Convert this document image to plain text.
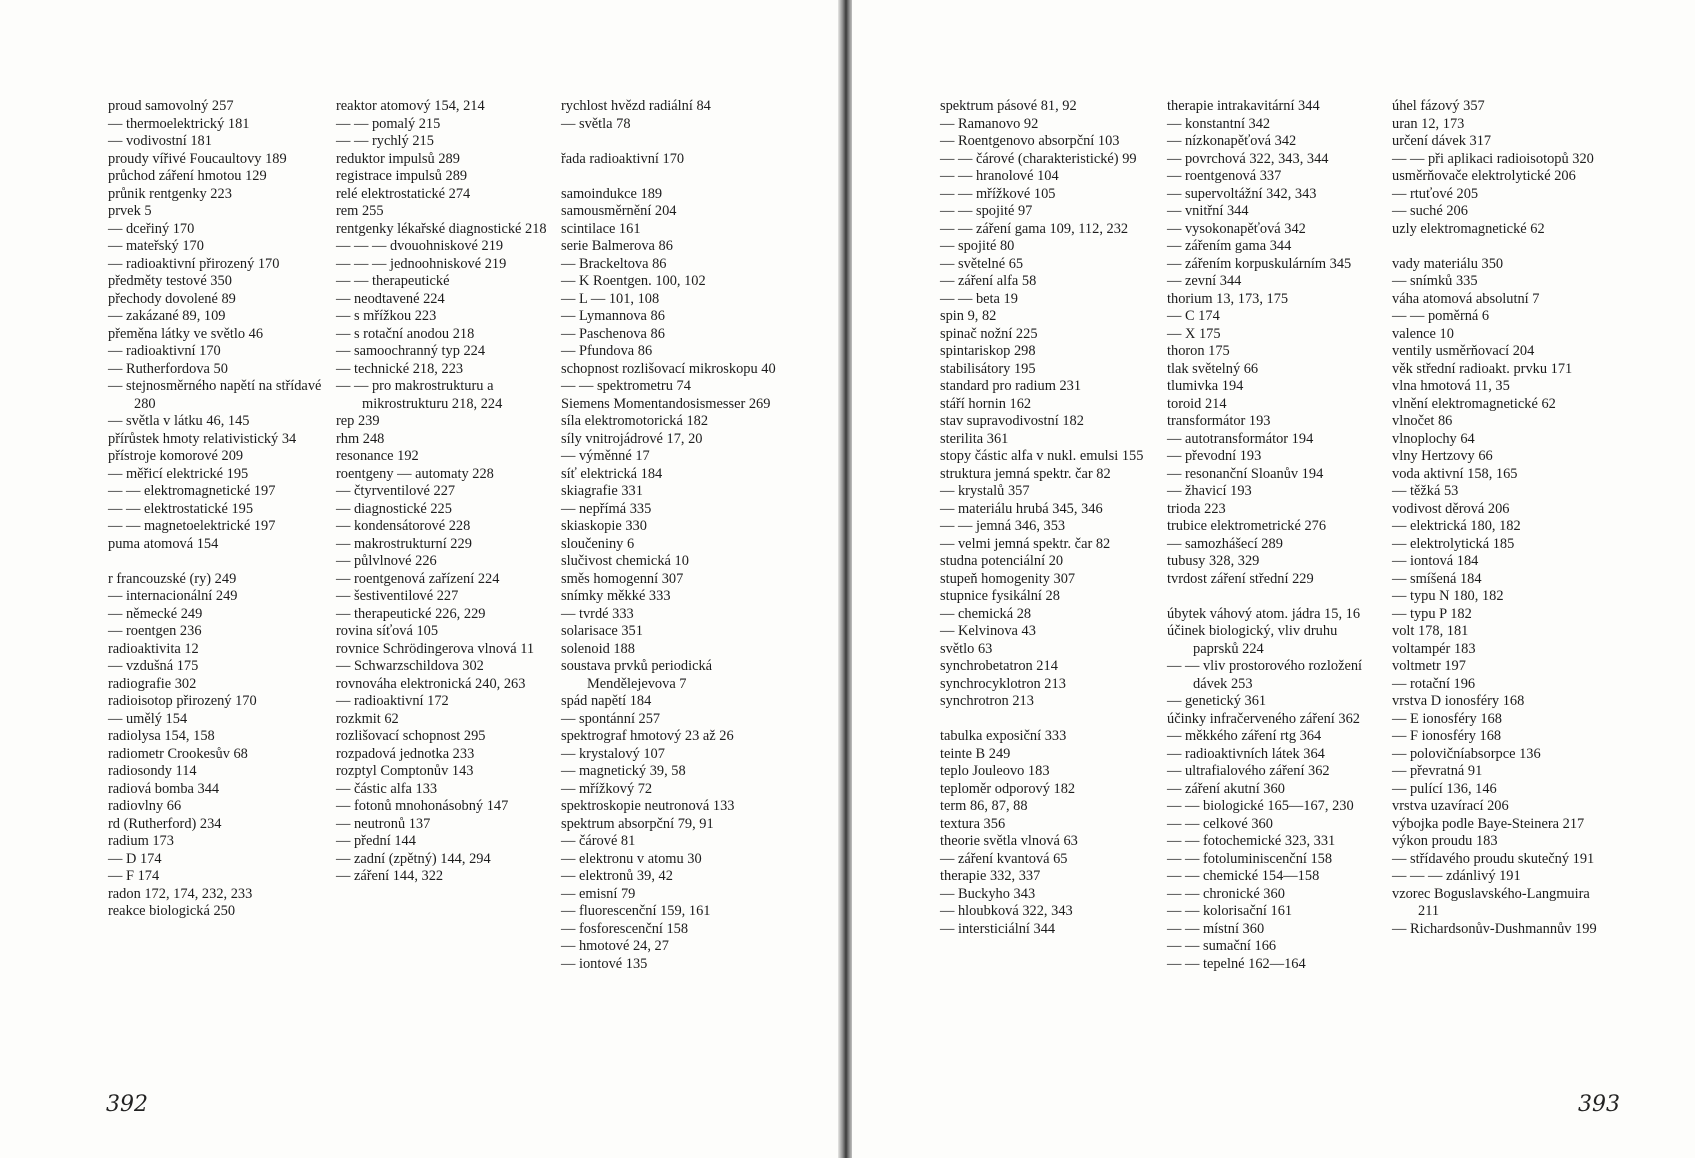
proud samovolný 257

— thermoelektrický 181

— vodivostní 181

proudy vířivé Foucaultovy 189

průchod záření hmotou 129

průnik rentgenky 223

prvek 5

— dceřiný 170

— mateřský 170

— radioaktivní přirozený 170

předměty testové 350

přechody dovolené 89

— zakázané 89, 109

přeměna látky ve světlo 46

— radioaktivní 170

— Rutherfordova 50

— stejnosměrného napětí na střídavé 280

— světla v látku 46, 145

přírůstek hmoty relativistický 34

přístroje komorové 209

— měřicí elektrické 195

— — elektromagnetické 197

— — elektrostatické 195

— — magnetoelektrické 197

puma atomová 154

r francouzské (ry) 249

— internacionální 249

— německé 249

— roentgen 236

radioaktivita 12

— vzdušná 175

radiografie 302

radioisotop přirozený 170

— umělý 154

radiolysa 154, 158

radiometr Crookesův 68

radiosondy 114

radiová bomba 344

radiovlny 66

rd (Rutherford) 234

radium 173

— D 174

— F 174

radon 172, 174, 232, 233

reakce biologická 250

reaktor atomový 154, 214

— — pomalý 215

— — rychlý 215

reduktor impulsů 289

registrace impulsů 289

relé elektrostatické 274

rem 255

rentgenky lékařské diagnostické 218

— — — dvouohniskové 219

— — — jednoohniskové 219

— — therapeutické

— neodtavené 224

— s mřížkou 223

— s rotační anodou 218

— samoochranný typ 224

— technické 218, 223

— — pro makrostrukturu a mikrostrukturu 218, 224

rep 239

rhm 248

resonance 192

roentgeny — automaty 228

— čtyrventilové 227

— diagnostické 225

— kondensátorové 228

— makrostrukturní 229

— půlvlnové 226

— roentgenová zařízení 224

— šestiventilové 227

— therapeutické 226, 229

rovina síťová 105

rovnice Schrödingerova vlnová 11

— Schwarzschildova 302

rovnováha elektronická 240, 263

— radioaktivní 172

rozkmit 62

rozlišovací schopnost 295

rozpadová jednotka 233

rozptyl Comptonův 143

— částic alfa 133

— fotonů mnohonásobný 147

— neutronů 137

— přední 144

— zadní (zpětný) 144, 294

— záření 144, 322

rychlost hvězd radiální 84

— světla 78

řada radioaktivní 170

samoindukce 189

samousměrnění 204

scintilace 161

serie Balmerova 86

— Brackeltova 86

— K Roentgen. 100, 102

— L — 101, 108

— Lymannova 86

— Paschenova 86

— Pfundova 86

schopnost rozlišovací mikroskopu 40

— — spektrometru 74

Siemens Momentandosismesser 269

síla elektromotorická 182

síly vnitrojádrové 17, 20

— výměnné 17

síť elektrická 184

skiagrafie 331

— nepřímá 335

skiaskopie 330

sloučeniny 6

slučivost chemická 10

směs homogenní 307

snímky měkké 333

— tvrdé 333

solarisace 351

solenoid 188

soustava prvků periodická Mendělejevova 7

spád napětí 184

— spontánní 257

spektrograf hmotový 23 až 26

— krystalový 107

— magnetický 39, 58

— mřížkový 72

spektroskopie neutronová 133

spektrum absorpční 79, 91

— čárové 81

— elektronu v atomu 30

— elektronů 39, 42

— emisní 79

— fluorescenční 159, 161

— fosforescenční 158

— hmotové 24, 27

— iontové 135

392

spektrum pásové 81, 92

— Ramanovo 92

— Roentgenovo absorpční 103

— — čárové (charakteristické) 99

— — hranolové 104

— — mřížkové 105

— — spojité 97

— — záření gama 109, 112, 232

— spojité 80

— světelné 65

— záření alfa 58

— — beta 19

spin 9, 82

spinač nožní 225

spintariskop 298

stabilisátory 195

standard pro radium 231

stáří hornin 162

stav supravodivostní 182

sterilita 361

stopy částic alfa v nukl. emulsi 155

struktura jemná spektr. čar 82

— krystalů 357

— materiálu hrubá 345, 346

— — jemná 346, 353

— velmi jemná spektr. čar 82

studna potenciální 20

stupeň homogenity 307

stupnice fysikální 28

— chemická 28

— Kelvinova 43

světlo 63

synchrobetatron 214

synchrocyklotron 213

synchrotron 213

tabulka exposiční 333

teinte B 249

teplo Jouleovo 183

teploměr odporový 182

term 86, 87, 88

textura 356

theorie světla vlnová 63

— záření kvantová 65

therapie 332, 337

— Buckyho 343

— hloubková 322, 343

— intersticiální 344

therapie intrakavitární 344

— konstantní 342

— nízkonapěťová 342

— povrchová 322, 343, 344

— roentgenová 337

— supervoltážní 342, 343

— vnitřní 344

— vysokonapěťová 342

— zářením gama 344

— zářením korpuskulárním 345

— zevní 344

thorium 13, 173, 175

— C 174

— X 175

thoron 175

tlak světelný 66

tlumivka 194

toroid 214

transformátor 193

— autotransformátor 194

— převodní 193

— resonanční Sloanův 194

— žhavicí 193

trioda 223

trubice elektrometrické 276

— samozhášecí 289

tubusy 328, 329

tvrdost záření střední 229

úbytek váhový atom. jádra 15, 16

účinek biologický, vliv druhu paprsků 224

— — vliv prostorového rozložení dávek 253

— genetický 361

účinky infračerveného záření 362

— měkkého záření rtg 364

— radioaktivních látek 364

— ultrafialového záření 362

— záření akutní 360

— — biologické 165—167, 230

— — celkové 360

— — fotochemické 323, 331

— — fotoluminiscenční 158

— — chemické 154—158

— — chronické 360

— — kolorisační 161

— — místní 360

— — sumační 166

— — tepelné 162—164

úhel fázový 357

uran 12, 173

určení dávek 317

— — při aplikaci radioisotopů 320

usměrňovače elektrolytické 206

— rtuťové 205

— suché 206

uzly elektromagnetické 62

vady materiálu 350

— snímků 335

váha atomová absolutní 7

— — poměrná 6

valence 10

ventily usměrňovací 204

věk střední radioakt. prvku 171

vlna hmotová 11, 35

vlnění elektromagnetické 62

vlnočet 86

vlnoplochy 64

vlny Hertzovy 66

voda aktivní 158, 165

— těžká 53

vodivost děrová 206

— elektrická 180, 182

— elektrolytická 185

— iontová 184

— smíšená 184

— typu N 180, 182

— typu P 182

volt 178, 181

voltampér 183

voltmetr 197

— rotační 196

vrstva D ionosféry 168

— E ionosféry 168

— F ionosféry 168

— polovičníabsorpce 136

— převratná 91

— pulící 136, 146

vrstva uzavírací 206

výbojka podle Baye-Steinera 217

výkon proudu 183

— střídavého proudu skutečný 191

— — — zdánlivý 191

vzorec Boguslavského-Langmuira 211

— Richardsonův-Dushmannův 199

393
